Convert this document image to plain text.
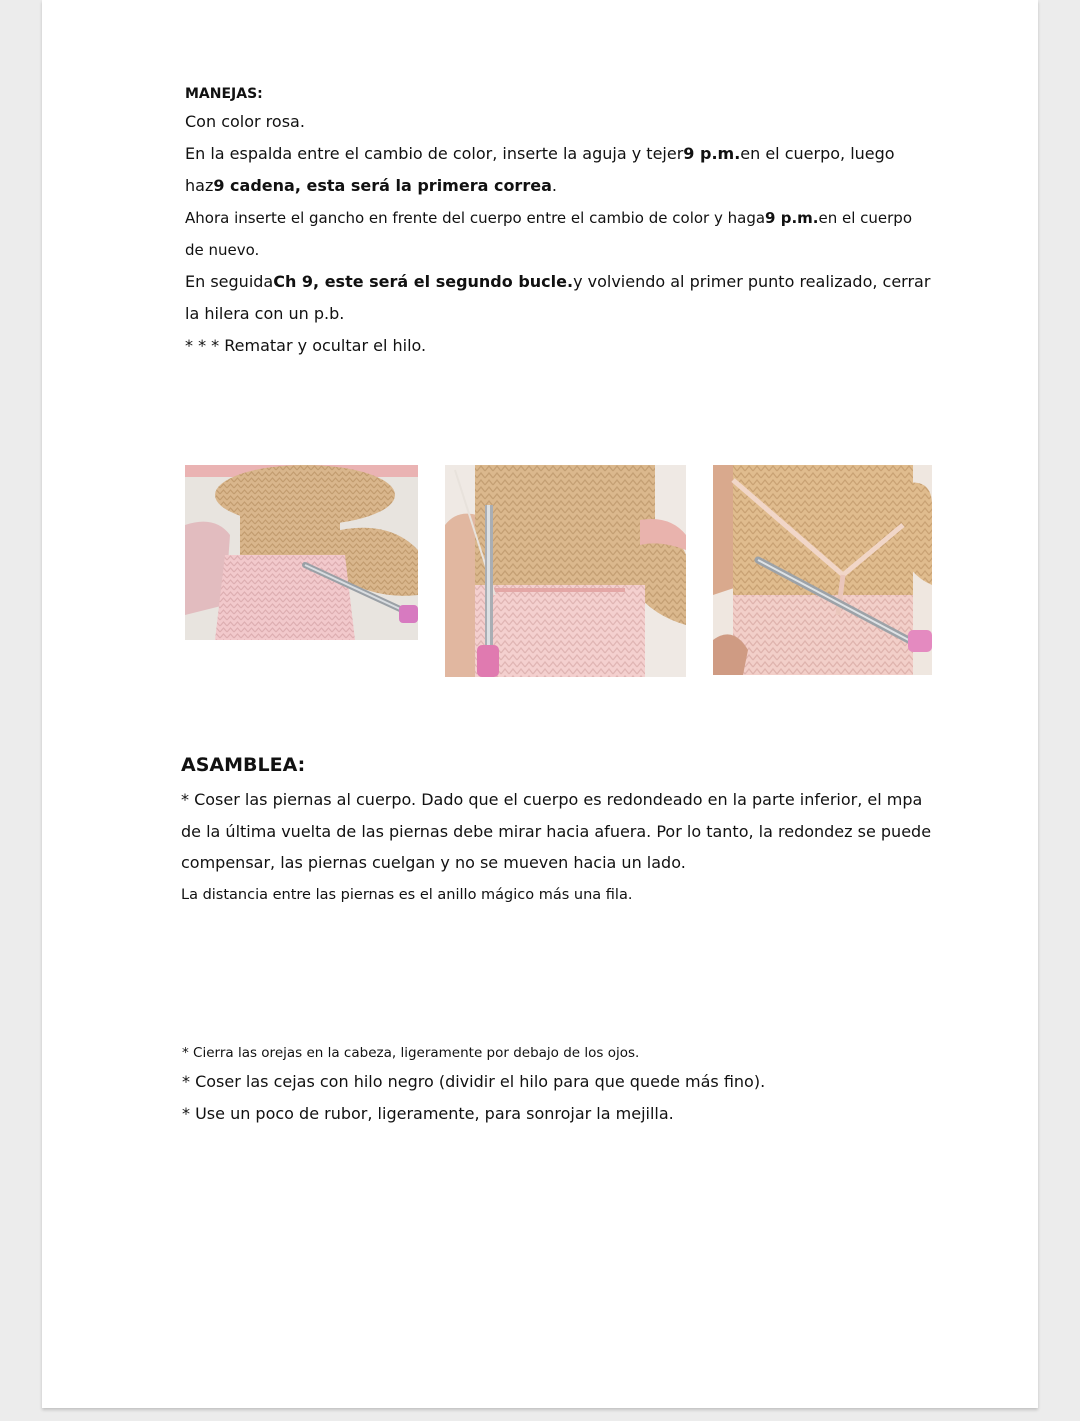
MANEJAS:

Con color rosa.

En la espalda entre el cambio de color, inserte la aguja y tejer9 p.m.en el cuerpo, luego

haz9 cadena, esta será la primera correa.

Ahora inserte el gancho en frente del cuerpo entre el cambio de color y haga9 p.m.en el cuerpo

de nuevo.

En seguidaCh 9, este será el segundo bucle.y volviendo al primer punto realizado, cerrar

la hilera con un p.b.

* * * Rematar y ocultar el hilo.

ASAMBLEA:

* Coser las piernas al cuerpo. Dado que el cuerpo es redondeado en la parte inferior, el mpa

de la última vuelta de las piernas debe mirar hacia afuera. Por lo tanto, la redondez se puede

compensar, las piernas cuelgan y no se mueven hacia un lado.

La distancia entre las piernas es el anillo mágico más una fila.

* Cierra las orejas en la cabeza, ligeramente por debajo de los ojos.

* Coser las cejas con hilo negro (dividir el hilo para que quede más fino).

* Use un poco de rubor, ligeramente, para sonrojar la mejilla.
